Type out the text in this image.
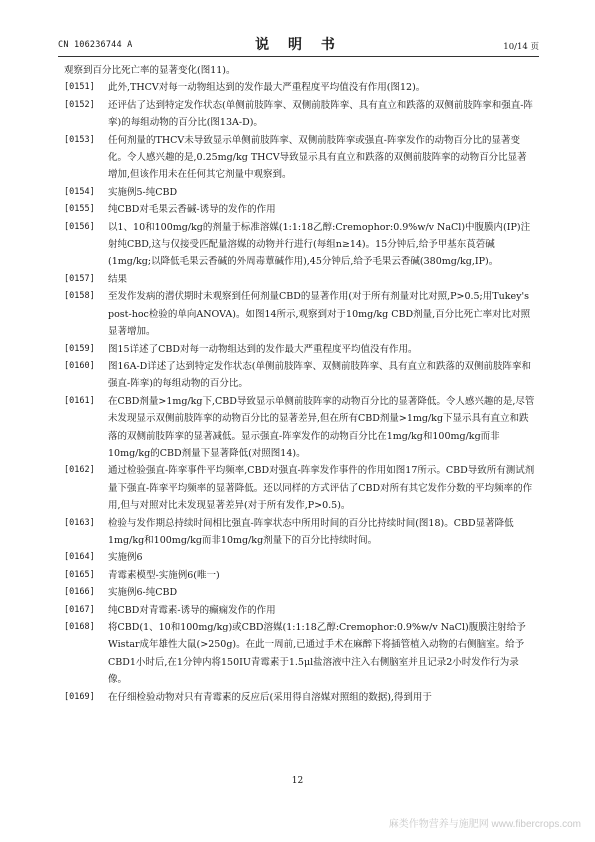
CN 106236744 A	说 明 书	10/14 页

观察到百分比死亡率的显著变化(图11)。

[0151] 此外,THCV对每一动物组达到的发作最大严重程度平均值没有作用(图12)。
[0152] 还评估了达到特定发作状态(单侧前肢阵挛、双侧前肢阵挛、具有直立和跌落的双侧前肢阵挛和强直-阵挛)的每组动物的百分比(图13A-D)。
[0153] 任何剂量的THCV未导致显示单侧前肢阵挛、双侧前肢阵挛或强直-阵挛发作的动物百分比的显著变化。令人感兴趣的是,0.25mg/kg THCV导致显示具有直立和跌落的双侧前肢阵挛的动物百分比显著增加,但该作用未在任何其它剂量中观察到。
[0154] 实施例5-纯CBD
[0155] 纯CBD对毛果云香碱-诱导的发作的作用
[0156] 以1、10和100mg/kg的剂量于标准溶媒(1:1:18乙醇:Cremophor:0.9%w/v NaCl)中腹膜内(IP)注射纯CBD,这与仅接受匹配量溶媒的动物并行进行(每组n≥14)。15分钟后,给予甲基东莨菪碱(1mg/kg;以降低毛果云香碱的外周毒蕈碱作用),45分钟后,给予毛果云香碱(380mg/kg,IP)。
[0157] 结果
[0158] 至发作发病的潜伏期时未观察到任何剂量CBD的显著作用(对于所有剂量对比对照,P>0.5;用Tukey's post-hoc检验的单向ANOVA)。如图14所示,观察到对于10mg/kg CBD剂量,百分比死亡率对比对照显著增加。
[0159] 图15详述了CBD对每一动物组达到的发作最大严重程度平均值没有作用。
[0160] 图16A-D详述了达到特定发作状态(单侧前肢阵挛、双侧前肢阵挛、具有直立和跌落的双侧前肢阵挛和强直-阵挛)的每组动物的百分比。
[0161] 在CBD剂量>1mg/kg下,CBD导致显示单侧前肢阵挛的动物百分比的显著降低。令人感兴趣的是,尽管未发现显示双侧前肢阵挛的动物百分比的显著差异,但在所有CBD剂量>1mg/kg下显示具有直立和跌落的双侧前肢阵挛的显著减低。显示强直-阵挛发作的动物百分比在1mg/kg和100mg/kg而非10mg/kg的CBD剂量下显著降低(对照图14)。
[0162] 通过检验强直-阵挛事件平均频率,CBD对强直-阵挛发作事件的作用如图17所示。CBD导致所有测试剂量下强直-阵挛平均频率的显著降低。还以同样的方式评估了CBD对所有其它发作分数的平均频率的作用,但与对照对比未发现显著差异(对于所有发作,P>0.5)。
[0163] 检验与发作期总持续时间相比强直-阵挛状态中所用时间的百分比持续时间(图18)。CBD显著降低1mg/kg和100mg/kg而非10mg/kg剂量下的百分比持续时间。
[0164] 实施例6
[0165] 青霉素模型-实施例6(唯一)
[0166] 实施例6-纯CBD
[0167] 纯CBD对青霉素-诱导的癫痫发作的作用
[0168] 将CBD(1、10和100mg/kg)或CBD溶媒(1:1:18乙醇:Cremophor:0.9%w/v NaCl)腹膜注射给予Wistar成年雄性大鼠(>250g)。在此一周前,已通过手术在麻醉下将插管植入动物的右侧脑室。给予CBD1小时后,在1分钟内将150IU青霉素于1.5μl盐溶液中注入右侧脑室并且记录2小时发作行为录像。
[0169] 在仔细检验动物对只有青霉素的反应后(采用得自溶媒对照组的数据),得到用于
12
麻类作物营养与施肥网 www.fibercrops.com
